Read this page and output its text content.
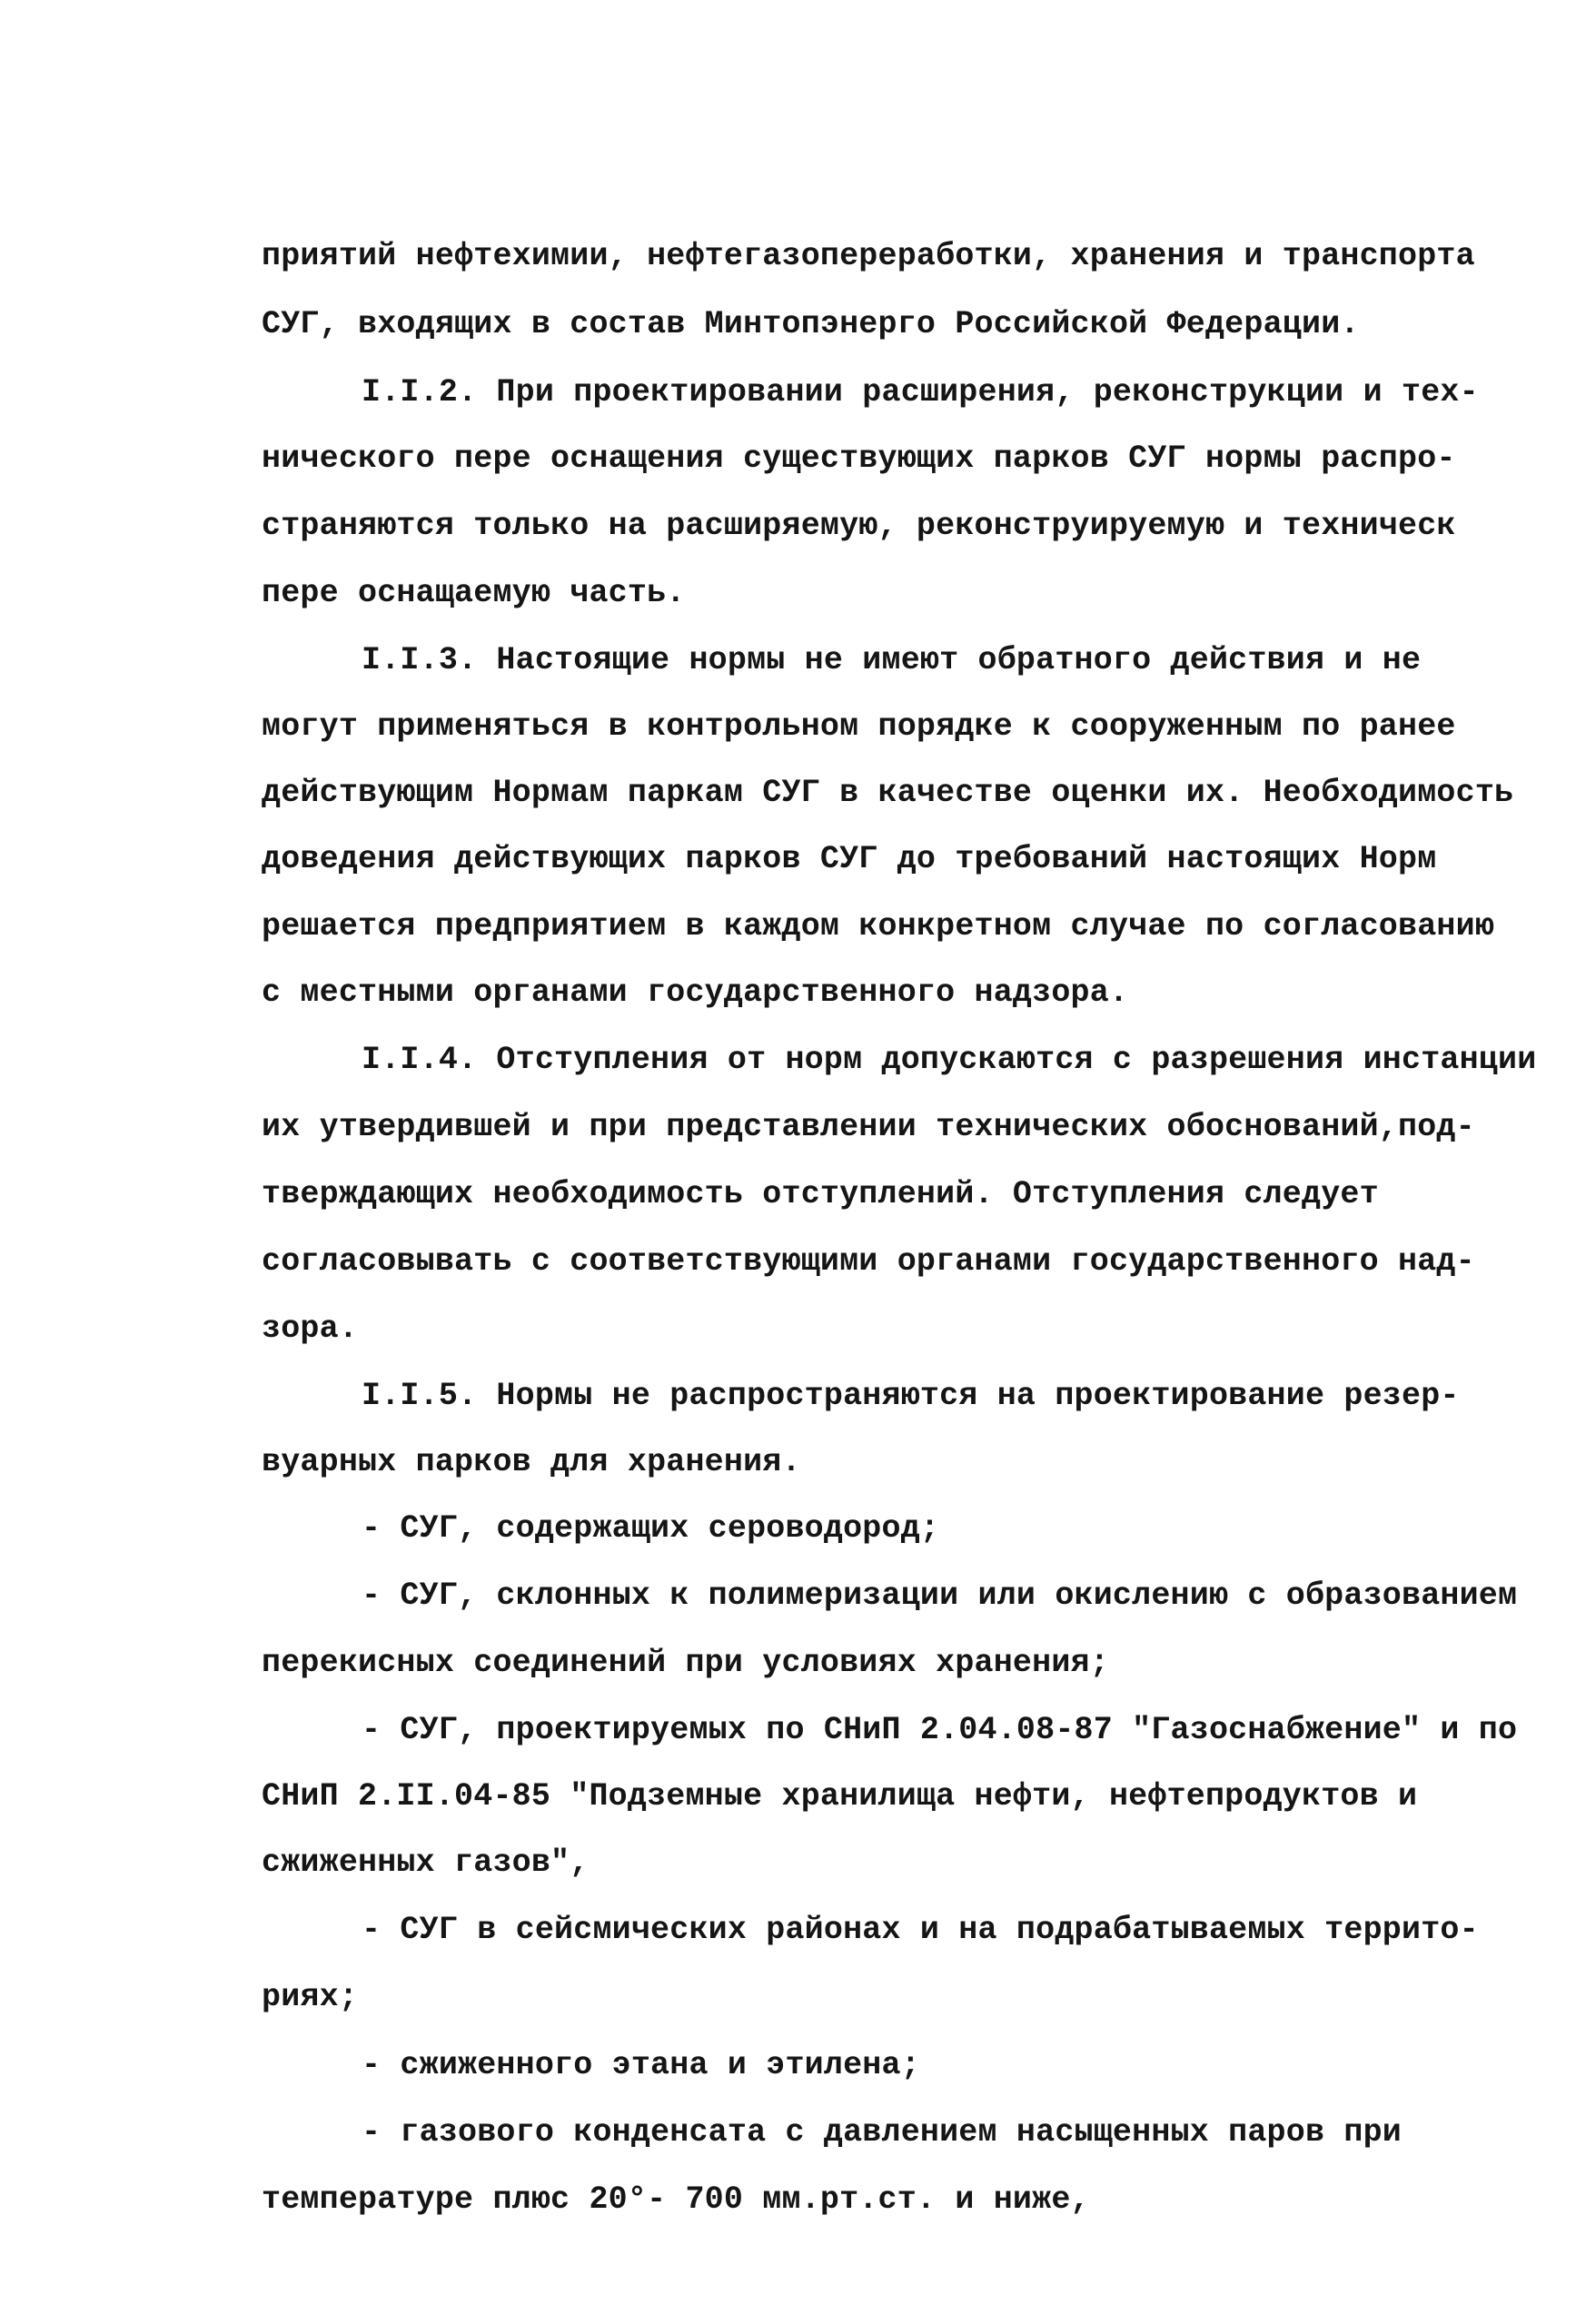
приятий нефтехимии, нефтегазопереработки, хранения и транспорта
СУГ, входящих в состав Минтопэнерго Российской Федерации.
I.I.2. При проектировании расширения, реконструкции и тех-
нического пере оснащения существующих парков СУГ нормы распро-
страняются только на расширяемую, реконструируемую и техническ
пере оснащаемую часть.
I.I.3. Настоящие нормы не имеют обратного действия и не
могут применяться в контрольном порядке к сооруженным по ранее
действующим Нормам паркам СУГ в качестве оценки их. Необходимость
доведения действующих парков СУГ до требований настоящих Норм
решается предприятием в каждом конкретном случае по согласованию
с местными органами государственного надзора.
I.I.4. Отступления от норм допускаются с разрешения инстанции
их утвердившей и при представлении технических обоснований,под-
тверждающих необходимость отступлений. Отступления следует
согласовывать с соответствующими органами государственного над-
зора.
I.I.5. Нормы не распространяются на проектирование резер-
вуарных парков для хранения.
- СУГ, содержащих сероводород;
- СУГ, склонных к полимеризации или окислению с образованием
перекисных соединений при условиях хранения;
- СУГ, проектируемых по СНиП 2.04.08-87 "Газоснабжение" и по
СНиП 2.II.04-85 "Подземные хранилища нефти, нефтепродуктов и
сжиженных газов",
- СУГ в сейсмических районах и на подрабатываемых террито-
риях;
- сжиженного этана и этилена;
- газового конденсата с давлением насыщенных паров при
температуре плюс 20°- 700 мм.рт.ст. и ниже,
